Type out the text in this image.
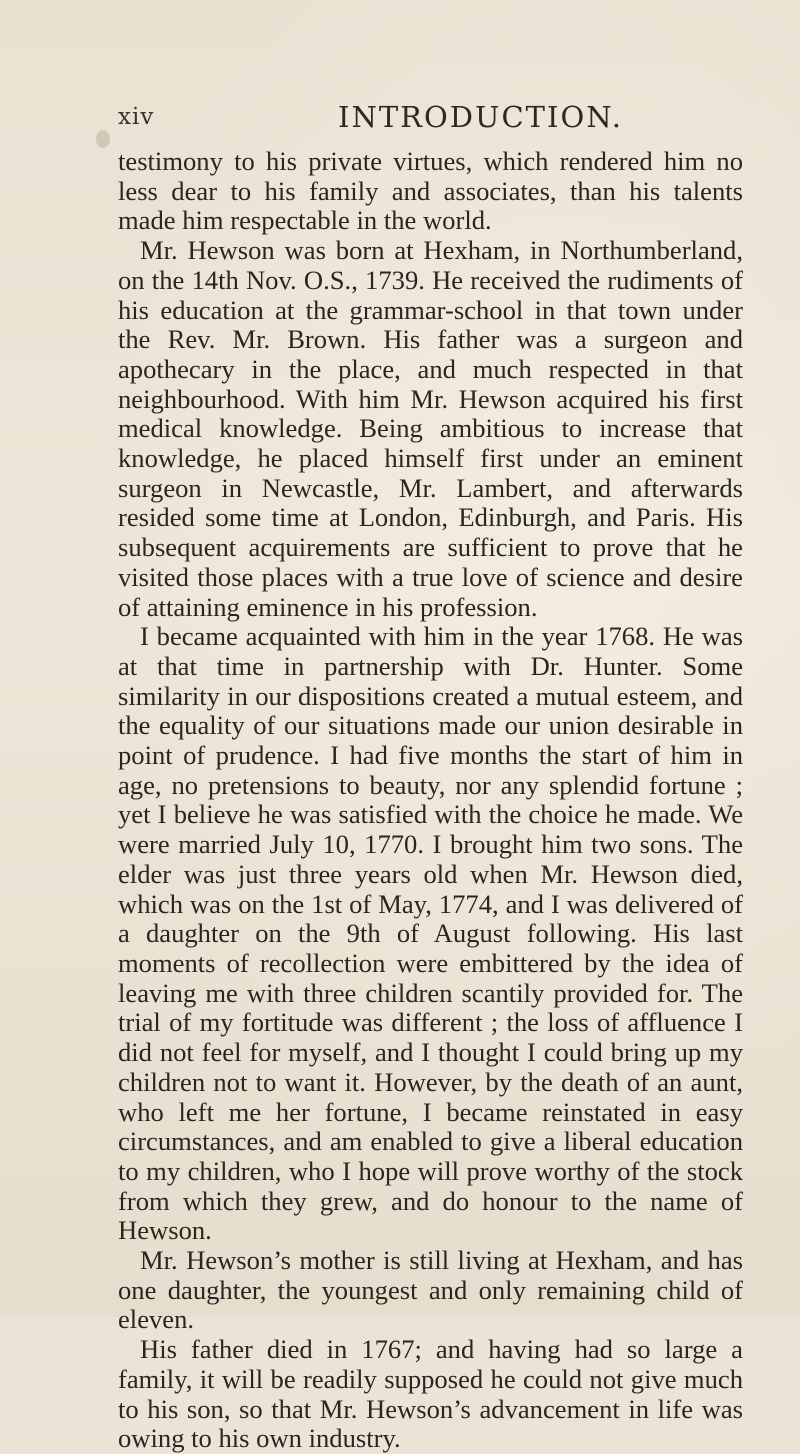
xiv	INTRODUCTION.

testimony to his private virtues, which rendered him no less dear to his family and associates, than his talents made him respectable in the world.

Mr. Hewson was born at Hexham, in Northumberland, on the 14th Nov. O.S., 1739. He received the rudiments of his education at the grammar-school in that town under the Rev. Mr. Brown. His father was a surgeon and apothecary in the place, and much respected in that neighbourhood. With him Mr. Hewson acquired his first medical knowledge. Being ambitious to increase that knowledge, he placed himself first under an eminent surgeon in Newcastle, Mr. Lambert, and afterwards resided some time at London, Edinburgh, and Paris. His subsequent acquirements are sufficient to prove that he visited those places with a true love of science and desire of attaining eminence in his profession.

I became acquainted with him in the year 1768. He was at that time in partnership with Dr. Hunter. Some similarity in our dispositions created a mutual esteem, and the equality of our situations made our union desirable in point of prudence. I had five months the start of him in age, no pretensions to beauty, nor any splendid fortune ; yet I believe he was satisfied with the choice he made. We were married July 10, 1770. I brought him two sons. The elder was just three years old when Mr. Hewson died, which was on the 1st of May, 1774, and I was delivered of a daughter on the 9th of August following. His last moments of recollection were embittered by the idea of leaving me with three children scantily provided for. The trial of my fortitude was different ; the loss of affluence I did not feel for myself, and I thought I could bring up my children not to want it. However, by the death of an aunt, who left me her fortune, I became reinstated in easy circumstances, and am enabled to give a liberal education to my children, who I hope will prove worthy of the stock from which they grew, and do honour to the name of Hewson.

Mr. Hewson’s mother is still living at Hexham, and has one daughter, the youngest and only remaining child of eleven.

His father died in 1767; and having had so large a family, it will be readily supposed he could not give much to his son, so that Mr. Hewson’s advancement in life was owing to his own industry.
